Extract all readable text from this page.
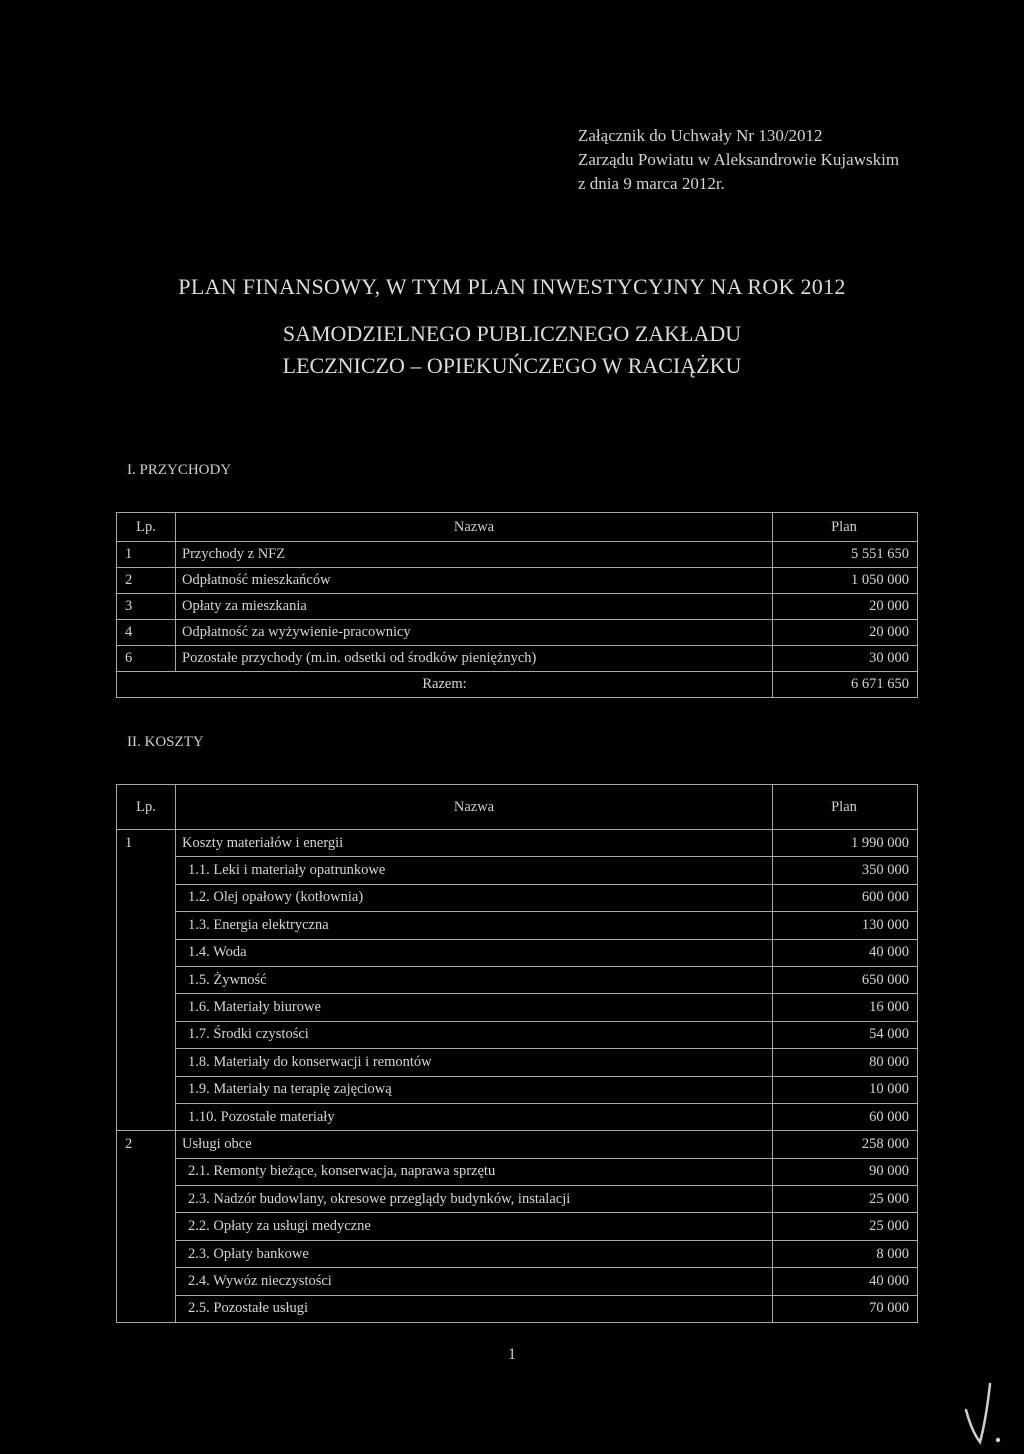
Załącznik do Uchwały Nr 130/2012
Zarządu Powiatu w Aleksandrowie Kujawskim
z dnia 9 marca 2012r.
PLAN FINANSOWY, W TYM PLAN INWESTYCYJNY NA ROK 2012
SAMODZIELNEGO PUBLICZNEGO ZAKŁADU
LECZNICZO – OPIEKUŃCZEGO W RACIĄŻKU
I. PRZYCHODY
Lp.	Nazwa	Plan
1	Przychody z NFZ	5 551 650
2	Odpłatność mieszkańców	1 050 000
3	Opłaty za mieszkania	20 000
4	Odpłatność za wyżywienie-pracownicy	20 000
6	Pozostałe przychody (m.in. odsetki od środków pieniężnych)	30 000
Razem:		6 671 650
II. KOSZTY
Lp.	Nazwa	Plan
1	Koszty materiałów i energii	1 990 000
	1.1. Leki i materiały opatrunkowe	350 000
	1.2. Olej opałowy (kotłownia)	600 000
	1.3. Energia elektryczna	130 000
	1.4. Woda	40 000
	1.5. Żywność	650 000
	1.6. Materiały biurowe	16 000
	1.7. Środki czystości	54 000
	1.8. Materiały do konserwacji i remontów	80 000
	1.9. Materiały na terapię zajęciową	10 000
	1.10. Pozostałe materiały	60 000
2	Usługi obce	258 000
	2.1. Remonty bieżące, konserwacja, naprawa sprzętu	90 000
	2.3. Nadzór budowlany, okresowe przeglądy budynków, instalacji	25 000
	2.2. Opłaty za usługi medyczne	25 000
	2.3. Opłaty bankowe	8 000
	2.4. Wywóz nieczystości	40 000
	2.5. Pozostałe usługi	70 000
1
